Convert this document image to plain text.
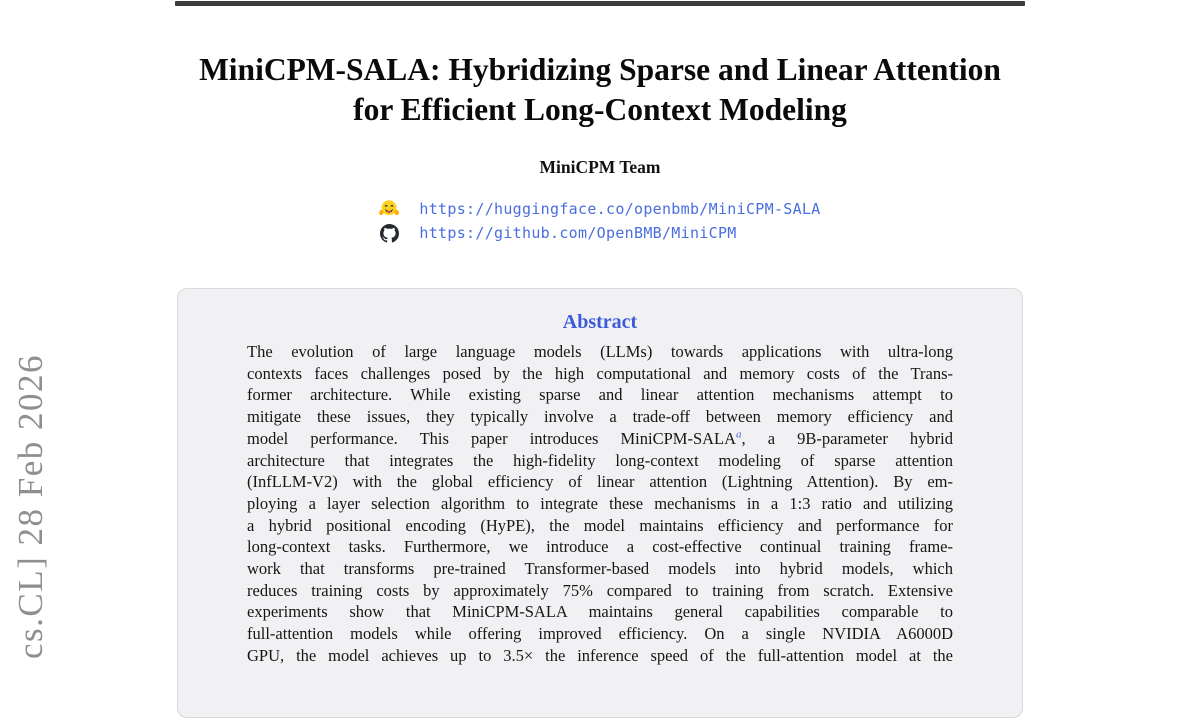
MiniCPM-SALA: Hybridizing Sparse and Linear Attention
for Efficient Long-Context Modeling
MiniCPM Team
https://huggingface.co/openbmb/MiniCPM-SALA
https://github.com/OpenBMB/MiniCPM
Abstract
The evolution of large language models (LLMs) towards applications with ultra-long
contexts faces challenges posed by the high computational and memory costs of the Trans-
former architecture. While existing sparse and linear attention mechanisms attempt to
mitigate these issues, they typically involve a trade-off between memory efficiency and
model performance. This paper introduces MiniCPM-SALA$^a$, a 9B-parameter hybrid
architecture that integrates the high-fidelity long-context modeling of sparse attention
(InfLLM-V2) with the global efficiency of linear attention (Lightning Attention). By em-
ploying a layer selection algorithm to integrate these mechanisms in a 1:3 ratio and utilizing
a hybrid positional encoding (HyPE), the model maintains efficiency and performance for
long-context tasks. Furthermore, we introduce a cost-effective continual training frame-
work that transforms pre-trained Transformer-based models into hybrid models, which
reduces training costs by approximately 75% compared to training from scratch. Extensive
experiments show that MiniCPM-SALA maintains general capabilities comparable to
full-attention models while offering improved efficiency. On a single NVIDIA A6000D
GPU, the model achieves up to 3.5× the inference speed of the full-attention model at the
cs.CL] 28 Feb 2026
